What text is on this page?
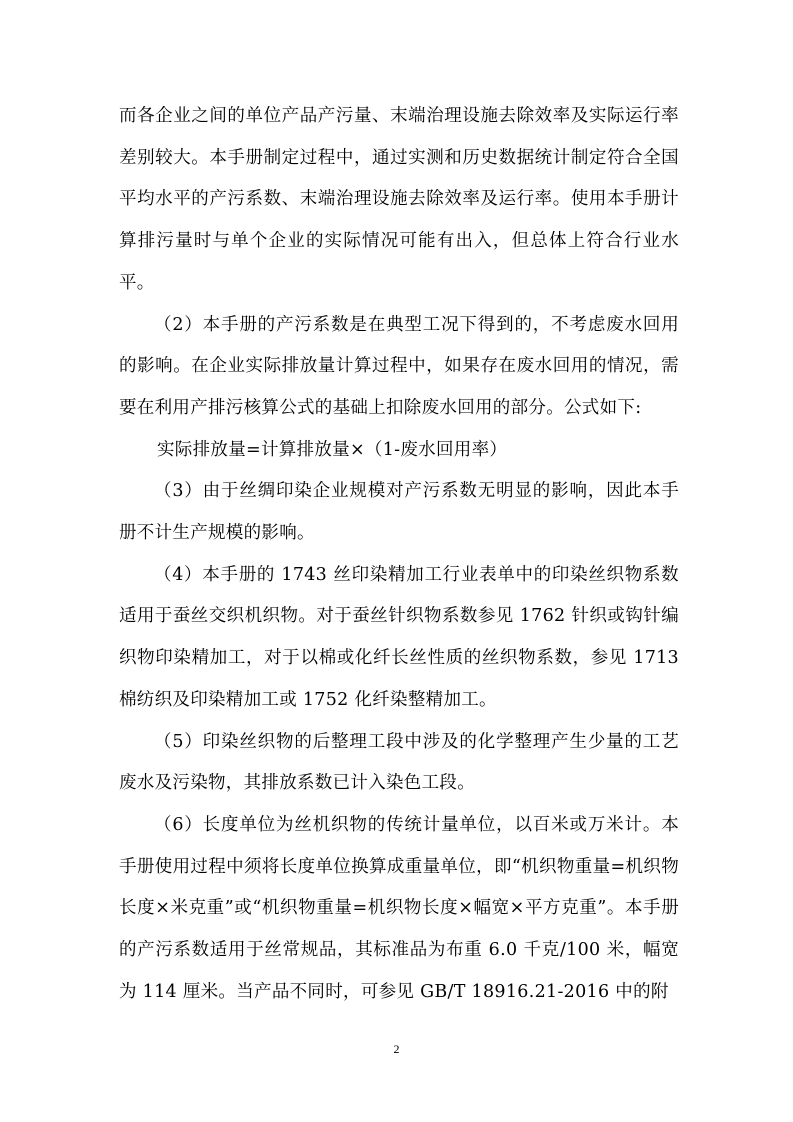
而各企业之间的单位产品产污量、末端治理设施去除效率及实际运行率差别较大。本手册制定过程中，通过实测和历史数据统计制定符合全国平均水平的产污系数、末端治理设施去除效率及运行率。使用本手册计算排污量时与单个企业的实际情况可能有出入，但总体上符合行业水平。

（2）本手册的产污系数是在典型工况下得到的，不考虑废水回用的影响。在企业实际排放量计算过程中，如果存在废水回用的情况，需要在利用产排污核算公式的基础上扣除废水回用的部分。公式如下:

实际排放量=计算排放量×（1-废水回用率）

（3）由于丝绸印染企业规模对产污系数无明显的影响，因此本手册不计生产规模的影响。

（4）本手册的 1743 丝印染精加工行业表单中的印染丝织物系数适用于蚕丝交织机织物。对于蚕丝针织物系数参见 1762 针织或钩针编织物印染精加工，对于以棉或化纤长丝性质的丝织物系数，参见 1713 棉纺织及印染精加工或 1752 化纤染整精加工。

（5）印染丝织物的后整理工段中涉及的化学整理产生少量的工艺废水及污染物，其排放系数已计入染色工段。

（6）长度单位为丝机织物的传统计量单位，以百米或万米计。本手册使用过程中须将长度单位换算成重量单位，即“机织物重量=机织物长度×米克重”或“机织物重量=机织物长度×幅宽×平方克重”。本手册的产污系数适用于丝常规品，其标准品为布重 6.0 千克/100 米，幅宽为 114 厘米。当产品不同时，可参见 GB/T 18916.21-2016 中的附

2
